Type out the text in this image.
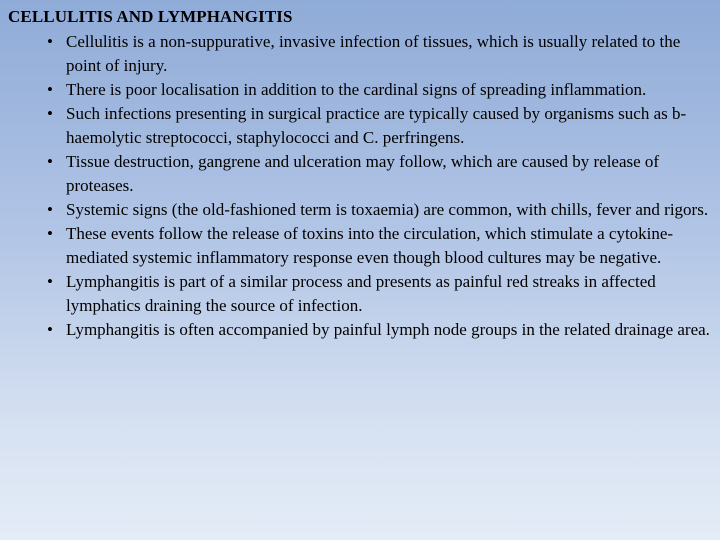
CELLULITIS AND LYMPHANGITIS
• Cellulitis is a non-suppurative, invasive infection of tissues, which is usually related to the point of injury.
• There is poor localisation in addition to the cardinal signs of spreading inflammation.
• Such infections presenting in surgical practice are typically caused by organisms such as b-haemolytic streptococci, staphylococci and C. perfringens.
• Tissue destruction, gangrene and ulceration may follow, which are caused by release of proteases.
• Systemic signs (the old-fashioned term is toxaemia) are common, with chills, fever and rigors.
• These events follow the release of toxins into the circulation, which stimulate a cytokine-mediated systemic inflammatory response even though blood cultures may be negative.
• Lymphangitis is part of a similar process and presents as painful red streaks in affected lymphatics draining the source of infection.
• Lymphangitis is often accompanied by painful lymph node groups in the related drainage area.
